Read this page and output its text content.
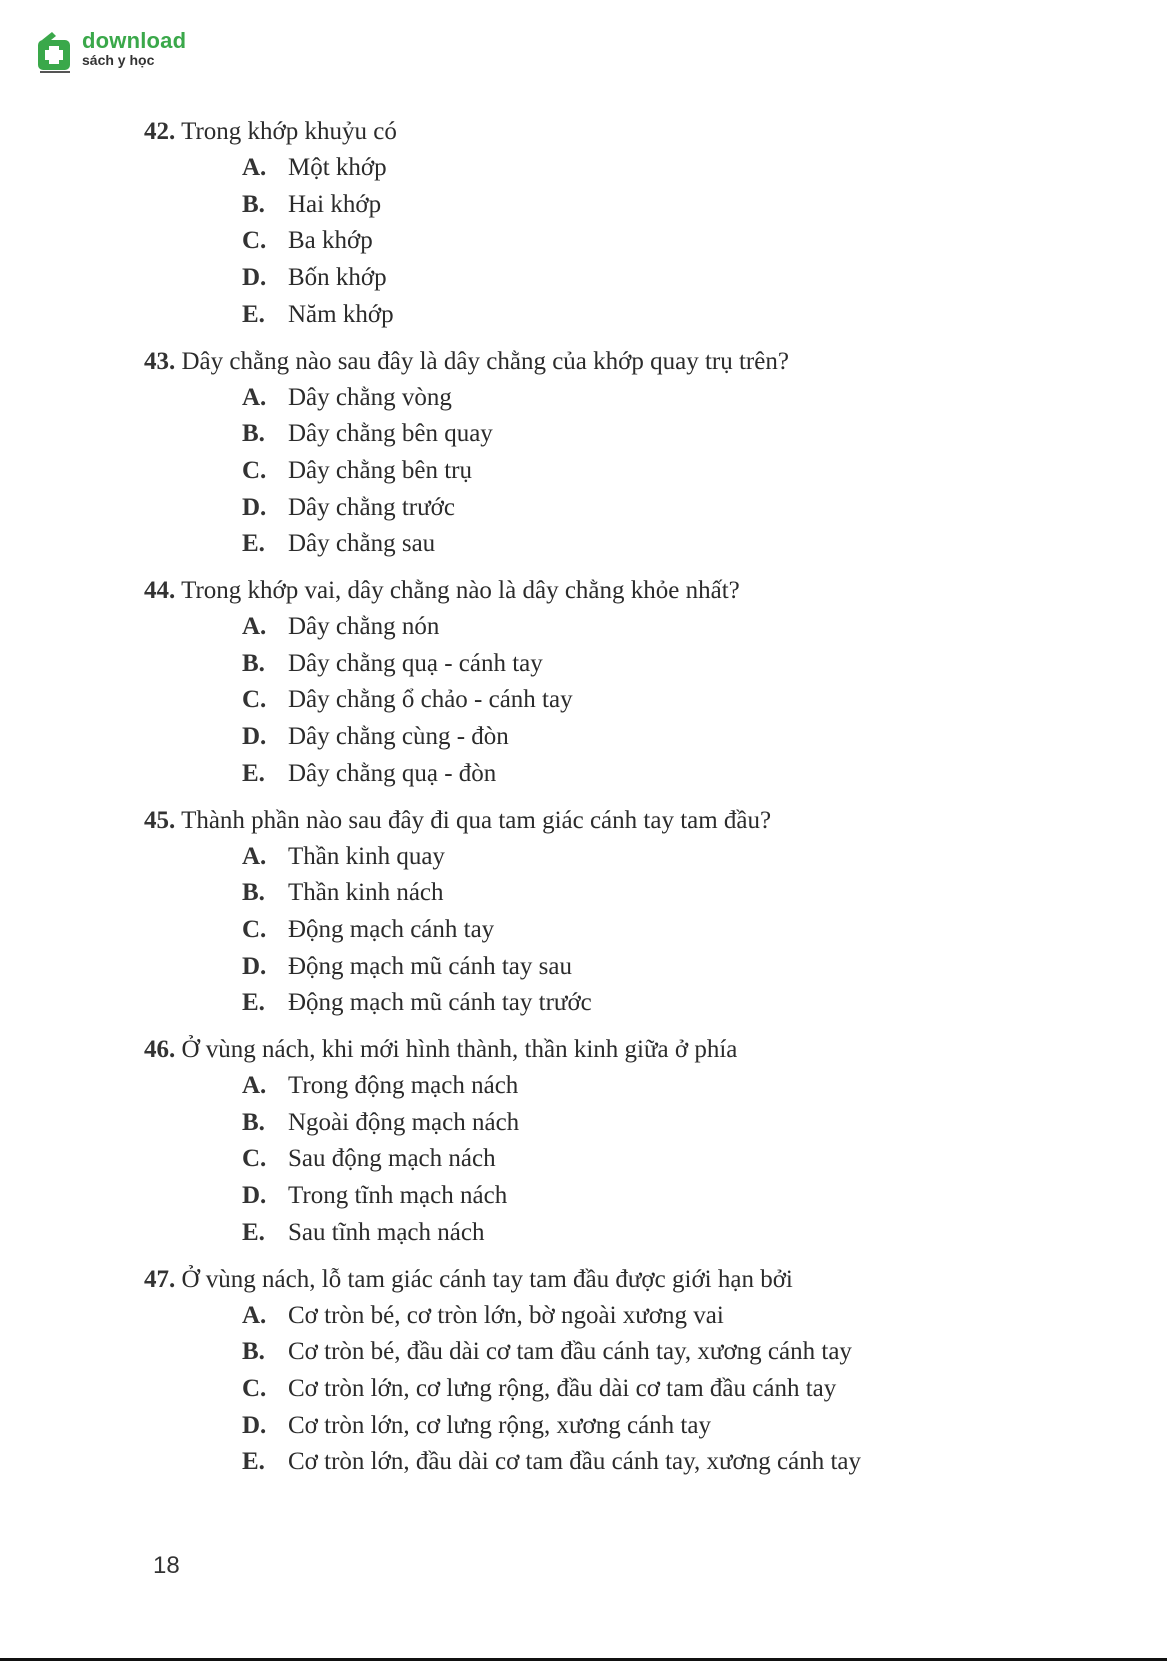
download
sách y học
42. Trong khớp khuỷu có
A. Một khớp
B. Hai khớp
C. Ba khớp
D. Bốn khớp
E. Năm khớp
43. Dây chằng nào sau đây là dây chằng của khớp quay trụ trên?
A. Dây chằng vòng
B. Dây chằng bên quay
C. Dây chằng bên trụ
D. Dây chằng trước
E. Dây chằng sau
44. Trong khớp vai, dây chằng nào là dây chằng khỏe nhất?
A. Dây chằng nón
B. Dây chằng quạ - cánh tay
C. Dây chằng ổ chảo - cánh tay
D. Dây chằng cùng - đòn
E. Dây chằng quạ - đòn
45. Thành phần nào sau đây đi qua tam giác cánh tay tam đầu?
A. Thần kinh quay
B. Thần kinh nách
C. Động mạch cánh tay
D. Động mạch mũ cánh tay sau
E. Động mạch mũ cánh tay trước
46. Ở vùng nách, khi mới hình thành, thần kinh giữa ở phía
A. Trong động mạch nách
B. Ngoài động mạch nách
C. Sau động mạch nách
D. Trong tĩnh mạch nách
E. Sau tĩnh mạch nách
47. Ở vùng nách, lỗ tam giác cánh tay tam đầu được giới hạn bởi
A. Cơ tròn bé, cơ tròn lớn, bờ ngoài xương vai
B. Cơ tròn bé, đầu dài cơ tam đầu cánh tay, xương cánh tay
C. Cơ tròn lớn, cơ lưng rộng, đầu dài cơ tam đầu cánh tay
D. Cơ tròn lớn, cơ lưng rộng, xương cánh tay
E. Cơ tròn lớn, đầu dài cơ tam đầu cánh tay, xương cánh tay
18
